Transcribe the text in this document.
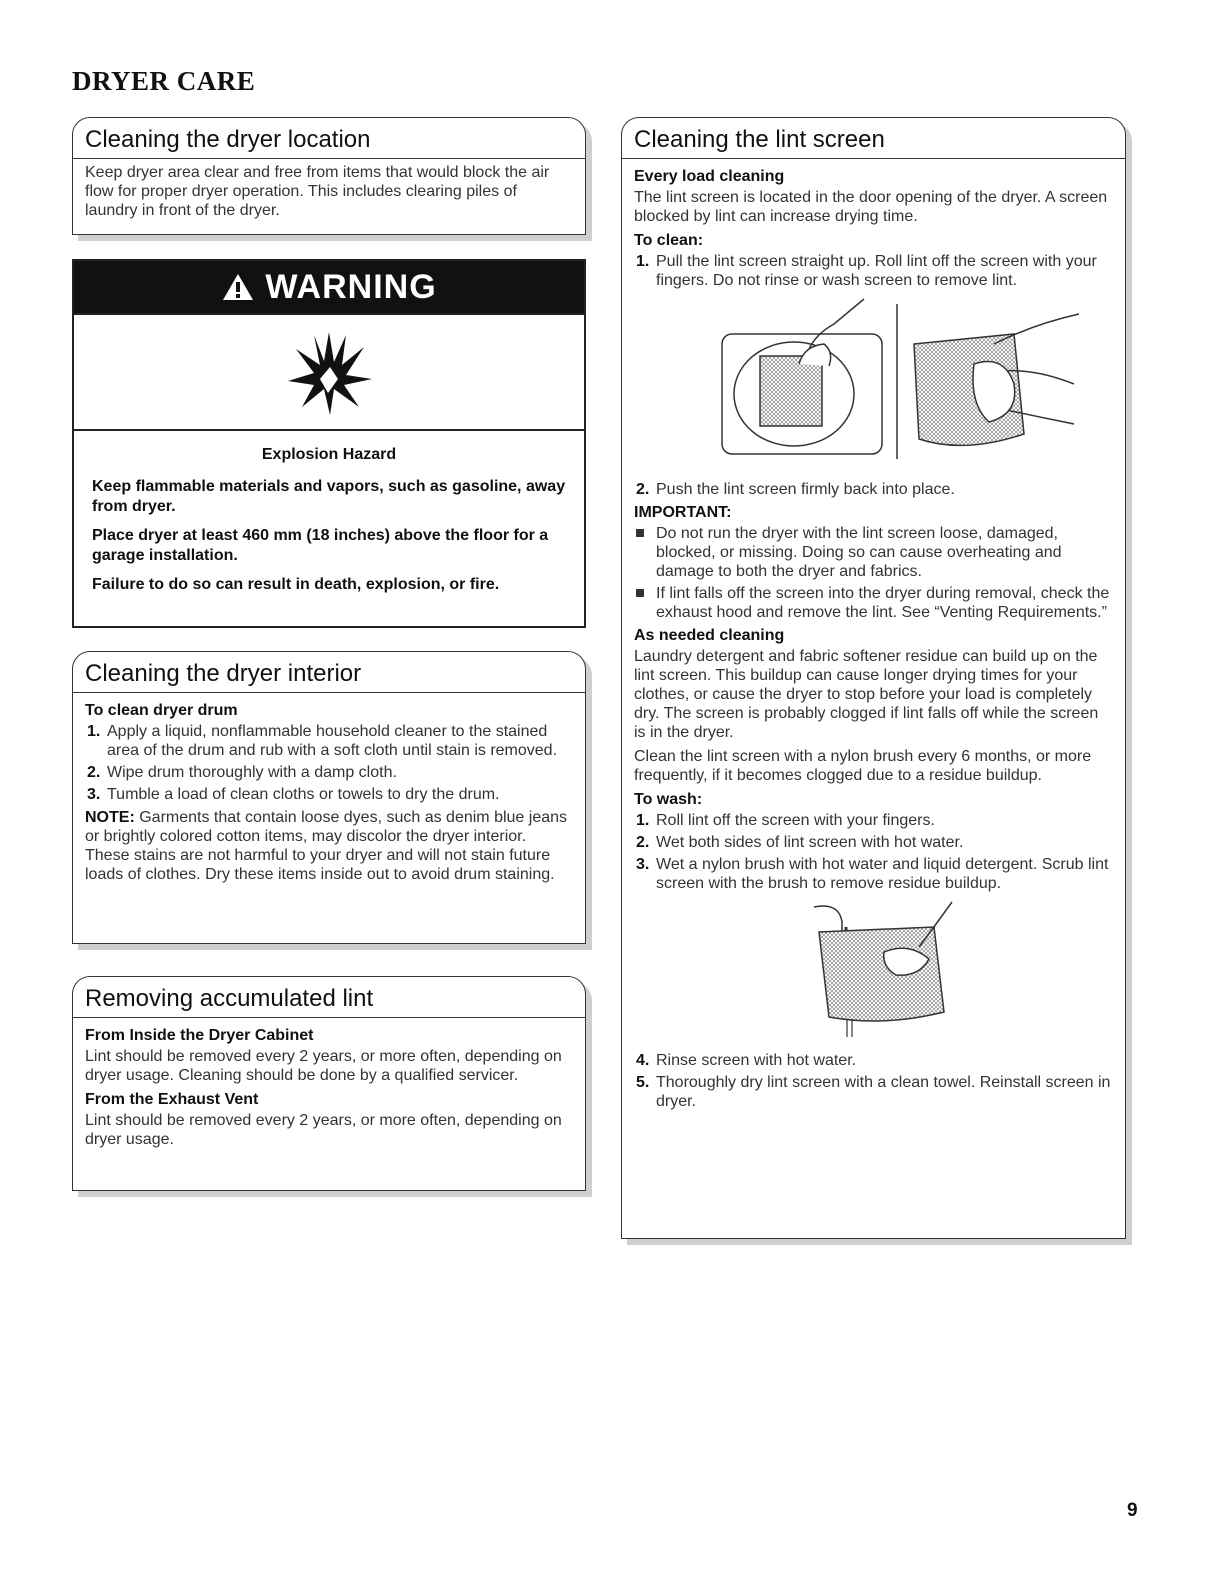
DRYER CARE
Cleaning the dryer location

Keep dryer area clear and free from items that would block the air flow for proper dryer operation. This includes clearing piles of laundry in front of the dryer.

WARNING
Explosion Hazard

Keep flammable materials and vapors, such as gasoline, away from dryer.

Place dryer at least 460 mm (18 inches) above the floor for a garage installation.

Failure to do so can result in death, explosion, or fire.

Cleaning the dryer interior
To clean dryer drum
1. Apply a liquid, nonflammable household cleaner to the stained area of the drum and rub with a soft cloth until stain is removed.
2. Wipe drum thoroughly with a damp cloth.
3. Tumble a load of clean cloths or towels to dry the drum.

NOTE: Garments that contain loose dyes, such as denim blue jeans or brightly colored cotton items, may discolor the dryer interior. These stains are not harmful to your dryer and will not stain future loads of clothes. Dry these items inside out to avoid drum staining.

Removing accumulated lint
From Inside the Dryer Cabinet

Lint should be removed every 2 years, or more often, depending on dryer usage. Cleaning should be done by a qualified servicer.

From the Exhaust Vent

Lint should be removed every 2 years, or more often, depending on dryer usage.

Cleaning the lint screen
Every load cleaning

The lint screen is located in the door opening of the dryer. A screen blocked by lint can increase drying time.

To clean:
1. Pull the lint screen straight up. Roll lint off the screen with your fingers. Do not rinse or wash screen to remove lint.
2. Push the lint screen firmly back into place.
IMPORTANT:
Do not run the dryer with the lint screen loose, damaged, blocked, or missing. Doing so can cause overheating and damage to both the dryer and fabrics.
If lint falls off the screen into the dryer during removal, check the exhaust hood and remove the lint. See “Venting Requirements.”
As needed cleaning

Laundry detergent and fabric softener residue can build up on the lint screen. This buildup can cause longer drying times for your clothes, or cause the dryer to stop before your load is completely dry. The screen is probably clogged if lint falls off while the screen is in the dryer.

Clean the lint screen with a nylon brush every 6 months, or more frequently, if it becomes clogged due to a residue buildup.

To wash:
1. Roll lint off the screen with your fingers.
2. Wet both sides of lint screen with hot water.
3. Wet a nylon brush with hot water and liquid detergent. Scrub lint screen with the brush to remove residue buildup.
4. Rinse screen with hot water.
5. Thoroughly dry lint screen with a clean towel. Reinstall screen in dryer.
9
